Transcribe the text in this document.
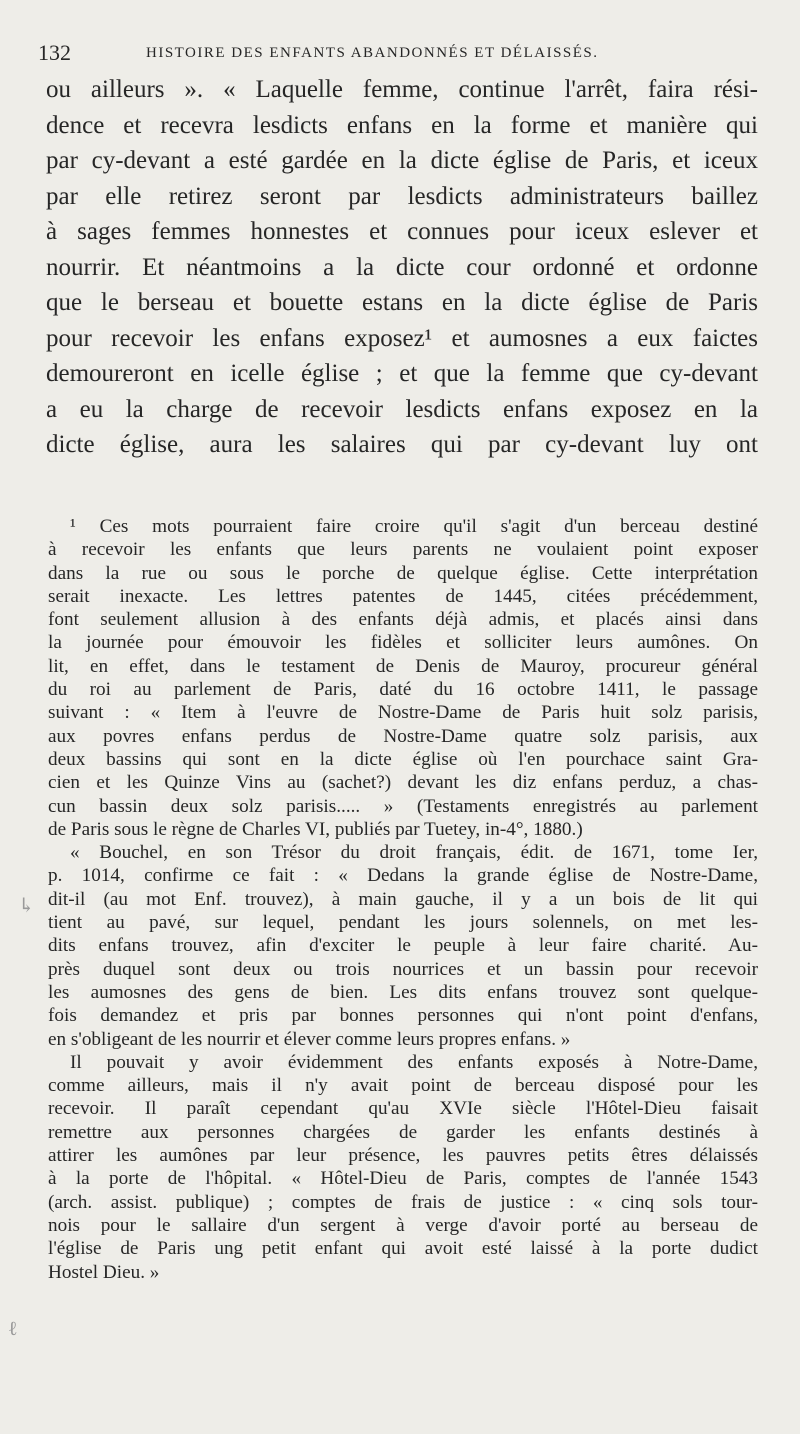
132	HISTOIRE DES ENFANTS ABANDONNÉS ET DÉLAISSÉS.
ou ailleurs ». « Laquelle femme, continue l'arrêt, faira rési-
dence et recevra lesdicts enfans en la forme et manière qui
par cy-devant a esté gardée en la dicte église de Paris, et iceux
par elle retirez seront par lesdicts administrateurs baillez
à sages femmes honnestes et connues pour iceux eslever et
nourrir. Et néantmoins a la dicte cour ordonné et ordonne
que le berseau et bouette estans en la dicte église de Paris
pour recevoir les enfans exposez¹ et aumosnes a eux faictes
demoureront en icelle église ; et que la femme que cy-devant
a eu la charge de recevoir lesdicts enfans exposez en la
dicte église, aura les salaires qui par cy-devant luy ont
¹ Ces mots pourraient faire croire qu'il s'agit d'un berceau destiné
à recevoir les enfants que leurs parents ne voulaient point exposer
dans la rue ou sous le porche de quelque église. Cette interprétation
serait inexacte. Les lettres patentes de 1445, citées précédemment,
font seulement allusion à des enfants déjà admis, et placés ainsi dans
la journée pour émouvoir les fidèles et solliciter leurs aumônes. On
lit, en effet, dans le testament de Denis de Mauroy, procureur général
du roi au parlement de Paris, daté du 16 octobre 1411, le passage
suivant : « Item à l'euvre de Nostre-Dame de Paris huit solz parisis,
aux povres enfans perdus de Nostre-Dame quatre solz parisis, aux
deux bassins qui sont en la dicte église où l'en pourchace saint Gra-
cien et les Quinze Vins au (sachet?) devant les diz enfans perduz, a chas-
cun bassin deux solz parisis..... » (Testaments enregistrés au parlement
de Paris sous le règne de Charles VI, publiés par Tuetey, in-4°, 1880.)
« Bouchel, en son Trésor du droit français, édit. de 1671, tome Ier,
p. 1014, confirme ce fait : « Dedans la grande église de Nostre-Dame,
dit-il (au mot Enf. trouvez), à main gauche, il y a un bois de lit qui
tient au pavé, sur lequel, pendant les jours solennels, on met les-
dits enfans trouvez, afin d'exciter le peuple à leur faire charité. Au-
près duquel sont deux ou trois nourrices et un bassin pour recevoir
les aumosnes des gens de bien. Les dits enfans trouvez sont quelque-
fois demandez et pris par bonnes personnes qui n'ont point d'enfans,
en s'obligeant de les nourrir et élever comme leurs propres enfans. »
Il pouvait y avoir évidemment des enfants exposés à Notre-Dame,
comme ailleurs, mais il n'y avait point de berceau disposé pour les
recevoir. Il paraît cependant qu'au XVIe siècle l'Hôtel-Dieu faisait
remettre aux personnes chargées de garder les enfants destinés à
attirer les aumônes par leur présence, les pauvres petits êtres délaissés
à la porte de l'hôpital. « Hôtel-Dieu de Paris, comptes de l'année 1543
(arch. assist. publique) ; comptes de frais de justice : « cinq sols tour-
nois pour le sallaire d'un sergent à verge d'avoir porté au berseau de
l'église de Paris ung petit enfant qui avoit esté laissé à la porte dudict
Hostel Dieu. »
↳
ℓ
